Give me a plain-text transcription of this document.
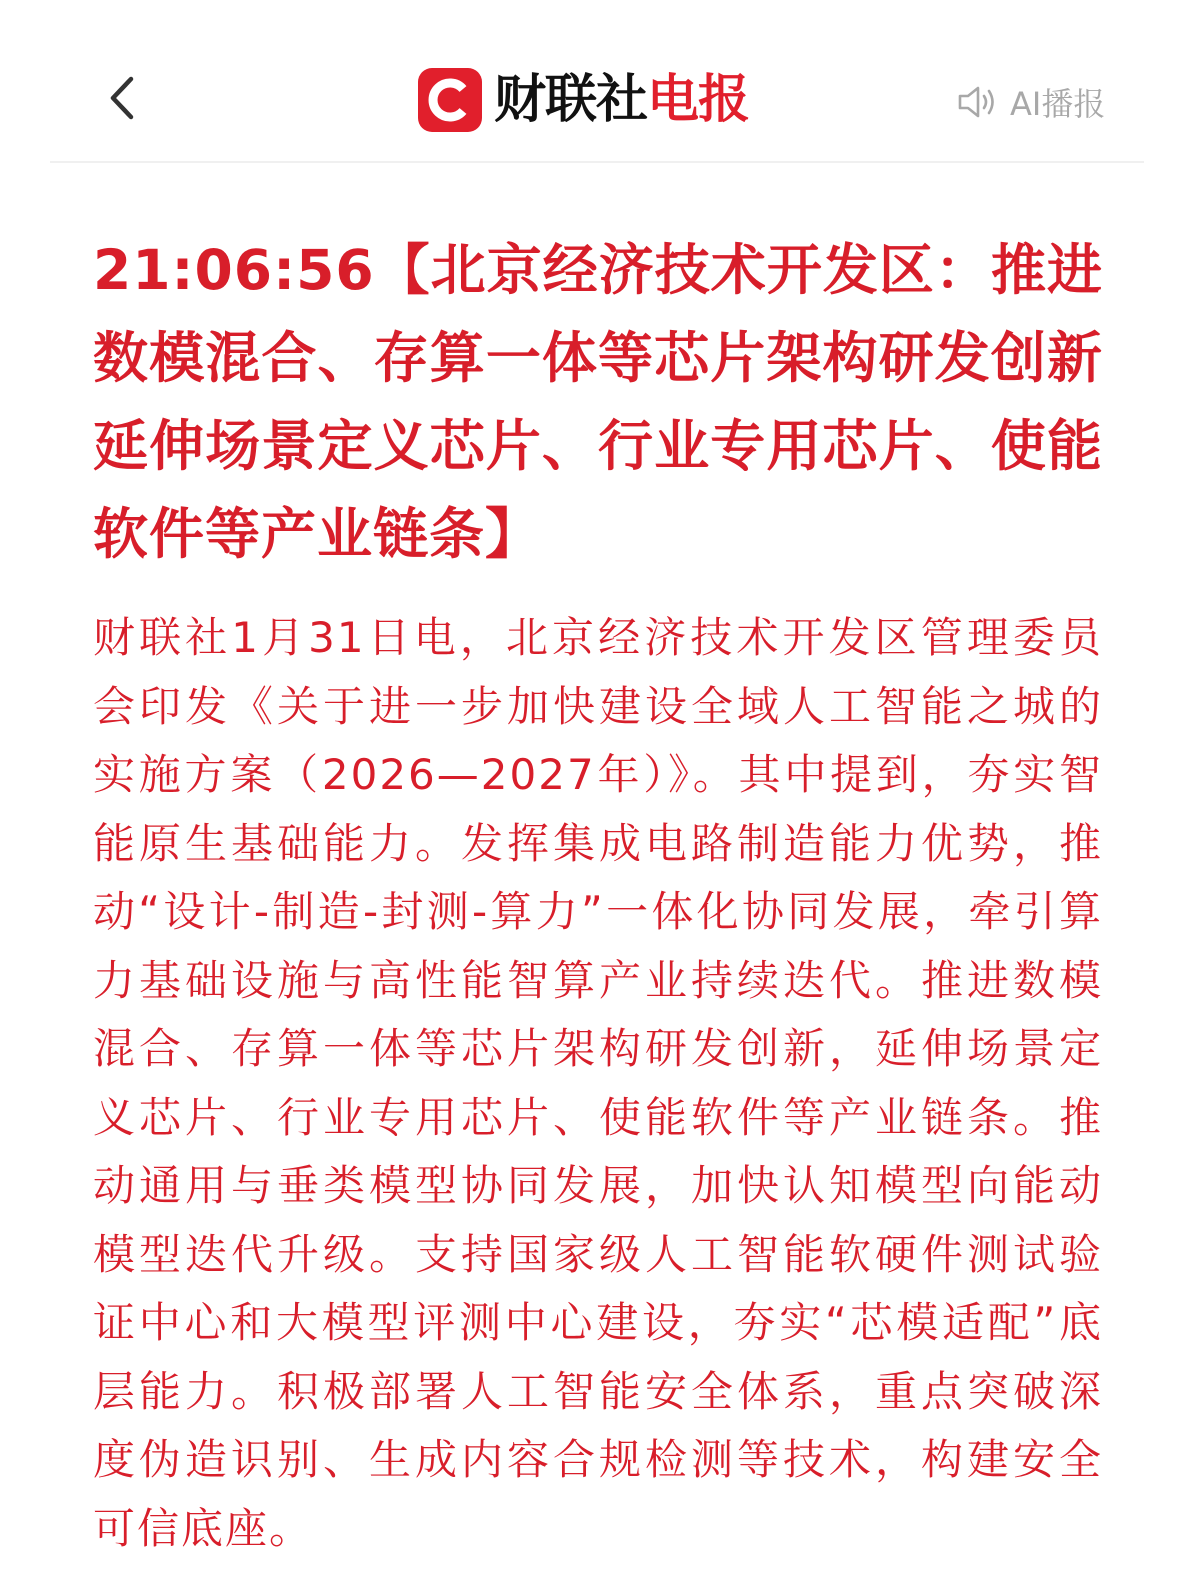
财联社 电报	AI播报
21:06:56【北京经济技术开发区：推进数模混合、存算一体等芯片架构研发创新　延伸场景定义芯片、行业专用芯片、使能软件等产业链条】

财联社1月31日电，北京经济技术开发区管理委员会印发《关于进一步加快建设全域人工智能之城的实施方案（2026—2027年）》。其中提到，夯实智能原生基础能力。发挥集成电路制造能力优势，推动“设计-制造-封测-算力”一体化协同发展，牵引算力基础设施与高性能智算产业持续迭代。推进数模混合、存算一体等芯片架构研发创新，延伸场景定义芯片、行业专用芯片、使能软件等产业链条。推动通用与垂类模型协同发展，加快认知模型向能动模型迭代升级。支持国家级人工智能软硬件测试验证中心和大模型评测中心建设，夯实“芯模适配”底层能力。积极部署人工智能安全体系，重点突破深度伪造识别、生成内容合规检测等技术，构建安全可信底座。
